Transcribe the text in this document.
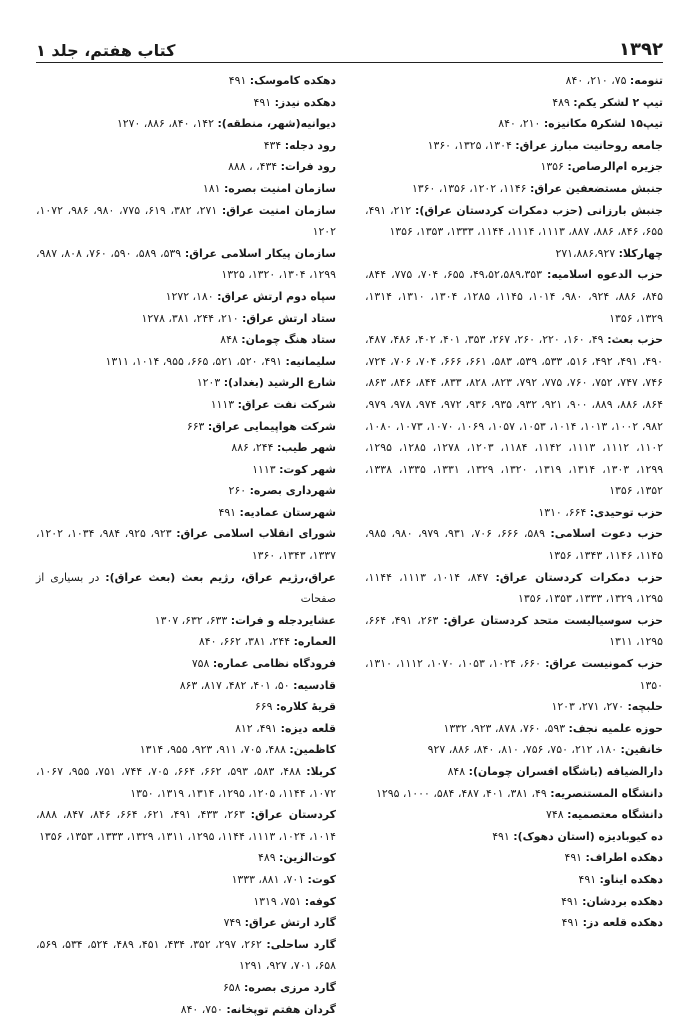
۱۳۹۲
کتاب هفتم، جلد ۱

تنومه: ۷۵، ۲۱۰، ۸۴۰

تیپ ۲ لشکر یکم: ۴۸۹

تیپ۱۵ لشکر۵ مکانیزه: ۲۱۰، ۸۴۰

جامعه روحانیت مبارز عراق: ۱۳۰۴، ۱۳۲۵، ۱۳۶۰

جزیره ام‌الرصاص: ۱۳۵۶

جنبش مستضعفین عراق: ۱۱۴۶، ۱۲۰۲، ۱۳۵۶، ۱۳۶۰

جنبش بارزانی (حزب دمکرات کردستان عراق): ۲۱۲، ۴۹۱، ۶۵۵، ۸۴۶، ۸۸۶، ۸۸۷، ۱۱۱۳، ۱۱۱۴، ۱۱۴۴، ۱۳۳۳، ۱۳۵۳، ۱۳۵۶

چهارکلا: ۲۷۱،۸۸۶،۹۲۷

حزب الدعوه اسلامیه: ۴۹،۵۲،۵۸۹،۳۵۳، ۶۵۵، ۷۰۴، ۷۷۵، ۸۴۴، ۸۴۵، ۸۸۶، ۹۲۴، ۹۸۰، ۱۰۱۴، ۱۱۴۵، ۱۲۸۵، ۱۳۰۴، ۱۳۱۰، ۱۳۱۴، ۱۳۲۹، ۱۳۵۶

حزب بعث: ۴۹، ۱۶۰، ۲۲۰، ۲۶۰، ۲۶۷، ۳۵۳، ۴۰۱، ۴۰۲، ۴۸۶، ۴۸۷، ۴۹۰، ۴۹۱، ۴۹۲، ۵۱۶، ۵۳۳، ۵۳۹، ۵۸۳، ۶۶۱، ۶۶۶، ۷۰۴، ۷۰۶، ۷۲۴، ۷۴۶، ۷۴۷، ۷۵۲، ۷۶۰، ۷۷۵، ۷۹۲، ۸۲۳، ۸۲۸، ۸۳۳، ۸۴۴، ۸۴۶، ۸۶۳، ۸۶۴، ۸۸۶، ۸۸۹، ۹۰۰، ۹۲۱، ۹۳۲، ۹۳۵، ۹۳۶، ۹۷۲، ۹۷۴، ۹۷۸، ۹۷۹، ۹۸۲، ۱۰۰۲، ۱۰۱۳، ۱۰۱۴، ۱۰۵۳، ۱۰۵۷، ۱۰۶۹، ۱۰۷۰، ۱۰۷۳، ۱۰۸۰، ۱۱۰۲، ۱۱۱۲، ۱۱۱۳، ۱۱۴۲، ۱۱۸۴، ۱۲۰۳، ۱۲۷۸، ۱۲۸۵، ۱۲۹۵، ۱۲۹۹، ۱۳۰۳، ۱۳۱۴، ۱۳۱۹، ۱۳۲۰، ۱۳۲۹، ۱۳۳۱، ۱۳۳۵، ۱۳۳۸، ۱۳۵۲، ۱۳۵۶

حزب توحیدی: ۶۶۴، ۱۳۱۰

حزب دعوت اسلامی: ۵۸۹، ۶۶۶، ۷۰۶، ۹۳۱، ۹۷۹، ۹۸۰، ۹۸۵، ۱۱۴۵، ۱۱۴۶، ۱۳۴۳، ۱۳۵۶

حزب دمکرات کردستان عراق: ۸۴۷، ۱۰۱۴، ۱۱۱۳، ۱۱۴۴، ۱۲۹۵، ۱۳۲۹، ۱۳۳۳، ۱۳۵۳، ۱۳۵۶

حزب سوسیالیست متحد کردستان عراق: ۲۶۳، ۴۹۱، ۶۶۴، ۱۲۹۵، ۱۳۱۱

حزب کمونیست عراق: ۶۶۰، ۱۰۲۴، ۱۰۵۳، ۱۰۷۰، ۱۱۱۲، ۱۳۱۰، ۱۳۵۰

حلبچه: ۲۷۰، ۲۷۱، ۱۲۰۳

حوزه علمیه نجف: ۵۹۳، ۷۶۰، ۸۷۸، ۹۲۳، ۱۳۳۲

خانقین: ۱۸۰، ۲۱۲، ۷۵۰، ۷۵۶، ۸۱۰، ۸۴۰، ۸۸۶، ۹۲۷

دارالضیافه (باشگاه افسران چومان): ۸۴۸

دانشگاه المستنصریه: ۴۹، ۳۸۱، ۴۰۱، ۴۸۷، ۵۸۴، ۱۰۰۰، ۱۲۹۵

دانشگاه معتصمیه: ۷۴۸

ده کیوبادیزه (استان دهوک): ۴۹۱

دهکده اطراف: ۴۹۱

دهکده ایناو: ۴۹۱

دهکده بردشان: ۴۹۱

دهکده قلعه دز: ۴۹۱

دهکده کاموسک: ۴۹۱

دهکده نیدز: ۴۹۱

دیوانیه(شهر، منطقه): ۱۴۲، ۸۴۰، ۸۸۶، ۱۲۷۰

رود دجله: ۴۳۴

رود فرات: ۴۳۴، ، ۸۸۸

سازمان امنیت بصره: ۱۸۱

سازمان امنیت عراق: ۲۷۱، ۳۸۲، ۶۱۹، ۷۷۵، ۹۸۰، ۹۸۶، ۱۰۷۲، ۱۲۰۲

سازمان پیکار اسلامی عراق: ۵۳۹، ۵۸۹، ۵۹۰، ۷۶۰، ۸۰۸، ۹۸۷، ۱۲۹۹، ۱۳۰۴، ۱۳۲۰، ۱۳۲۵

سپاه دوم ارتش عراق: ۱۸۰، ۱۲۷۲

ستاد ارتش عراق: ۲۱۰، ۲۴۴، ۳۸۱، ۱۲۷۸

ستاد هنگ چومان: ۸۴۸

سلیمانیه: ۴۹۱، ۵۲۰، ۵۲۱، ۶۶۵، ۹۵۵، ۱۰۱۴، ۱۳۱۱

شارع الرشید (بغداد): ۱۲۰۳

شرکت نفت عراق: ۱۱۱۳

شرکت هواپیمایی عراق: ۶۶۳

شهر طیب: ۲۴۴، ۸۸۶

شهر کوت: ۱۱۱۳

شهرداری بصره: ۲۶۰

شهرستان عمادیه: ۴۹۱

شورای انقلاب اسلامی عراق: ۹۲۳، ۹۲۵، ۹۸۴، ۱۰۳۴، ۱۲۰۲، ۱۳۳۷، ۱۳۴۳، ۱۳۶۰

عراق،رژیم عراق، رژیم بعث (بعث عراق): در بسیاری از صفحات

عشایردجله و فرات: ۶۳۳، ۶۳۲، ۱۳۰۷

العماره: ۲۴۴، ۳۸۱، ۶۶۲، ۸۴۰

فرودگاه نظامی عماره: ۷۵۸

قادسیه: ۵۰، ۴۰۱، ۴۸۲، ۸۱۷، ۸۶۳

قریهٔ کلاره: ۶۶۹

قلعه دیزه: ۴۹۱، ۸۱۲

کاظمین: ۴۸۸، ۷۰۵، ۹۱۱، ۹۲۳، ۹۵۵، ۱۳۱۴

کربلا: ۴۸۸، ۵۸۳، ۵۹۳، ۶۶۲، ۶۶۴، ۷۰۵، ۷۴۴، ۷۵۱، ۹۵۵، ۱۰۶۷، ۱۰۷۲، ۱۱۴۴، ۱۲۰۵، ۱۲۹۵، ۱۳۱۴، ۱۳۱۹، ۱۳۵۰

کردستان عراق: ۲۶۳، ۴۳۳، ۴۹۱، ۶۲۱، ۶۶۴، ۸۴۶، ۸۴۷، ۸۸۸، ۱۰۱۴، ۱۰۲۴، ۱۱۱۳، ۱۱۴۴، ۱۲۹۵، ۱۳۱۱، ۱۳۲۹، ۱۳۳۳، ۱۳۵۳، ۱۳۵۶

کوت‌الزین: ۴۸۹

کوت: ۷۰۱، ۸۸۱، ۱۳۳۳

کوفه: ۷۵۱، ۱۳۱۹

گارد ارتش عراق: ۷۴۹

گارد ساحلی: ۲۶۲، ۲۹۷، ۳۵۲، ۴۳۴، ۴۵۱، ۴۸۹، ۵۲۴، ۵۳۴، ۵۶۹، ۶۵۸، ۷۰۱، ۹۲۷، ۱۲۹۱

گارد مرزی بصره: ۶۵۸

گردان هفتم توپخانه: ۷۵۰، ۸۴۰
